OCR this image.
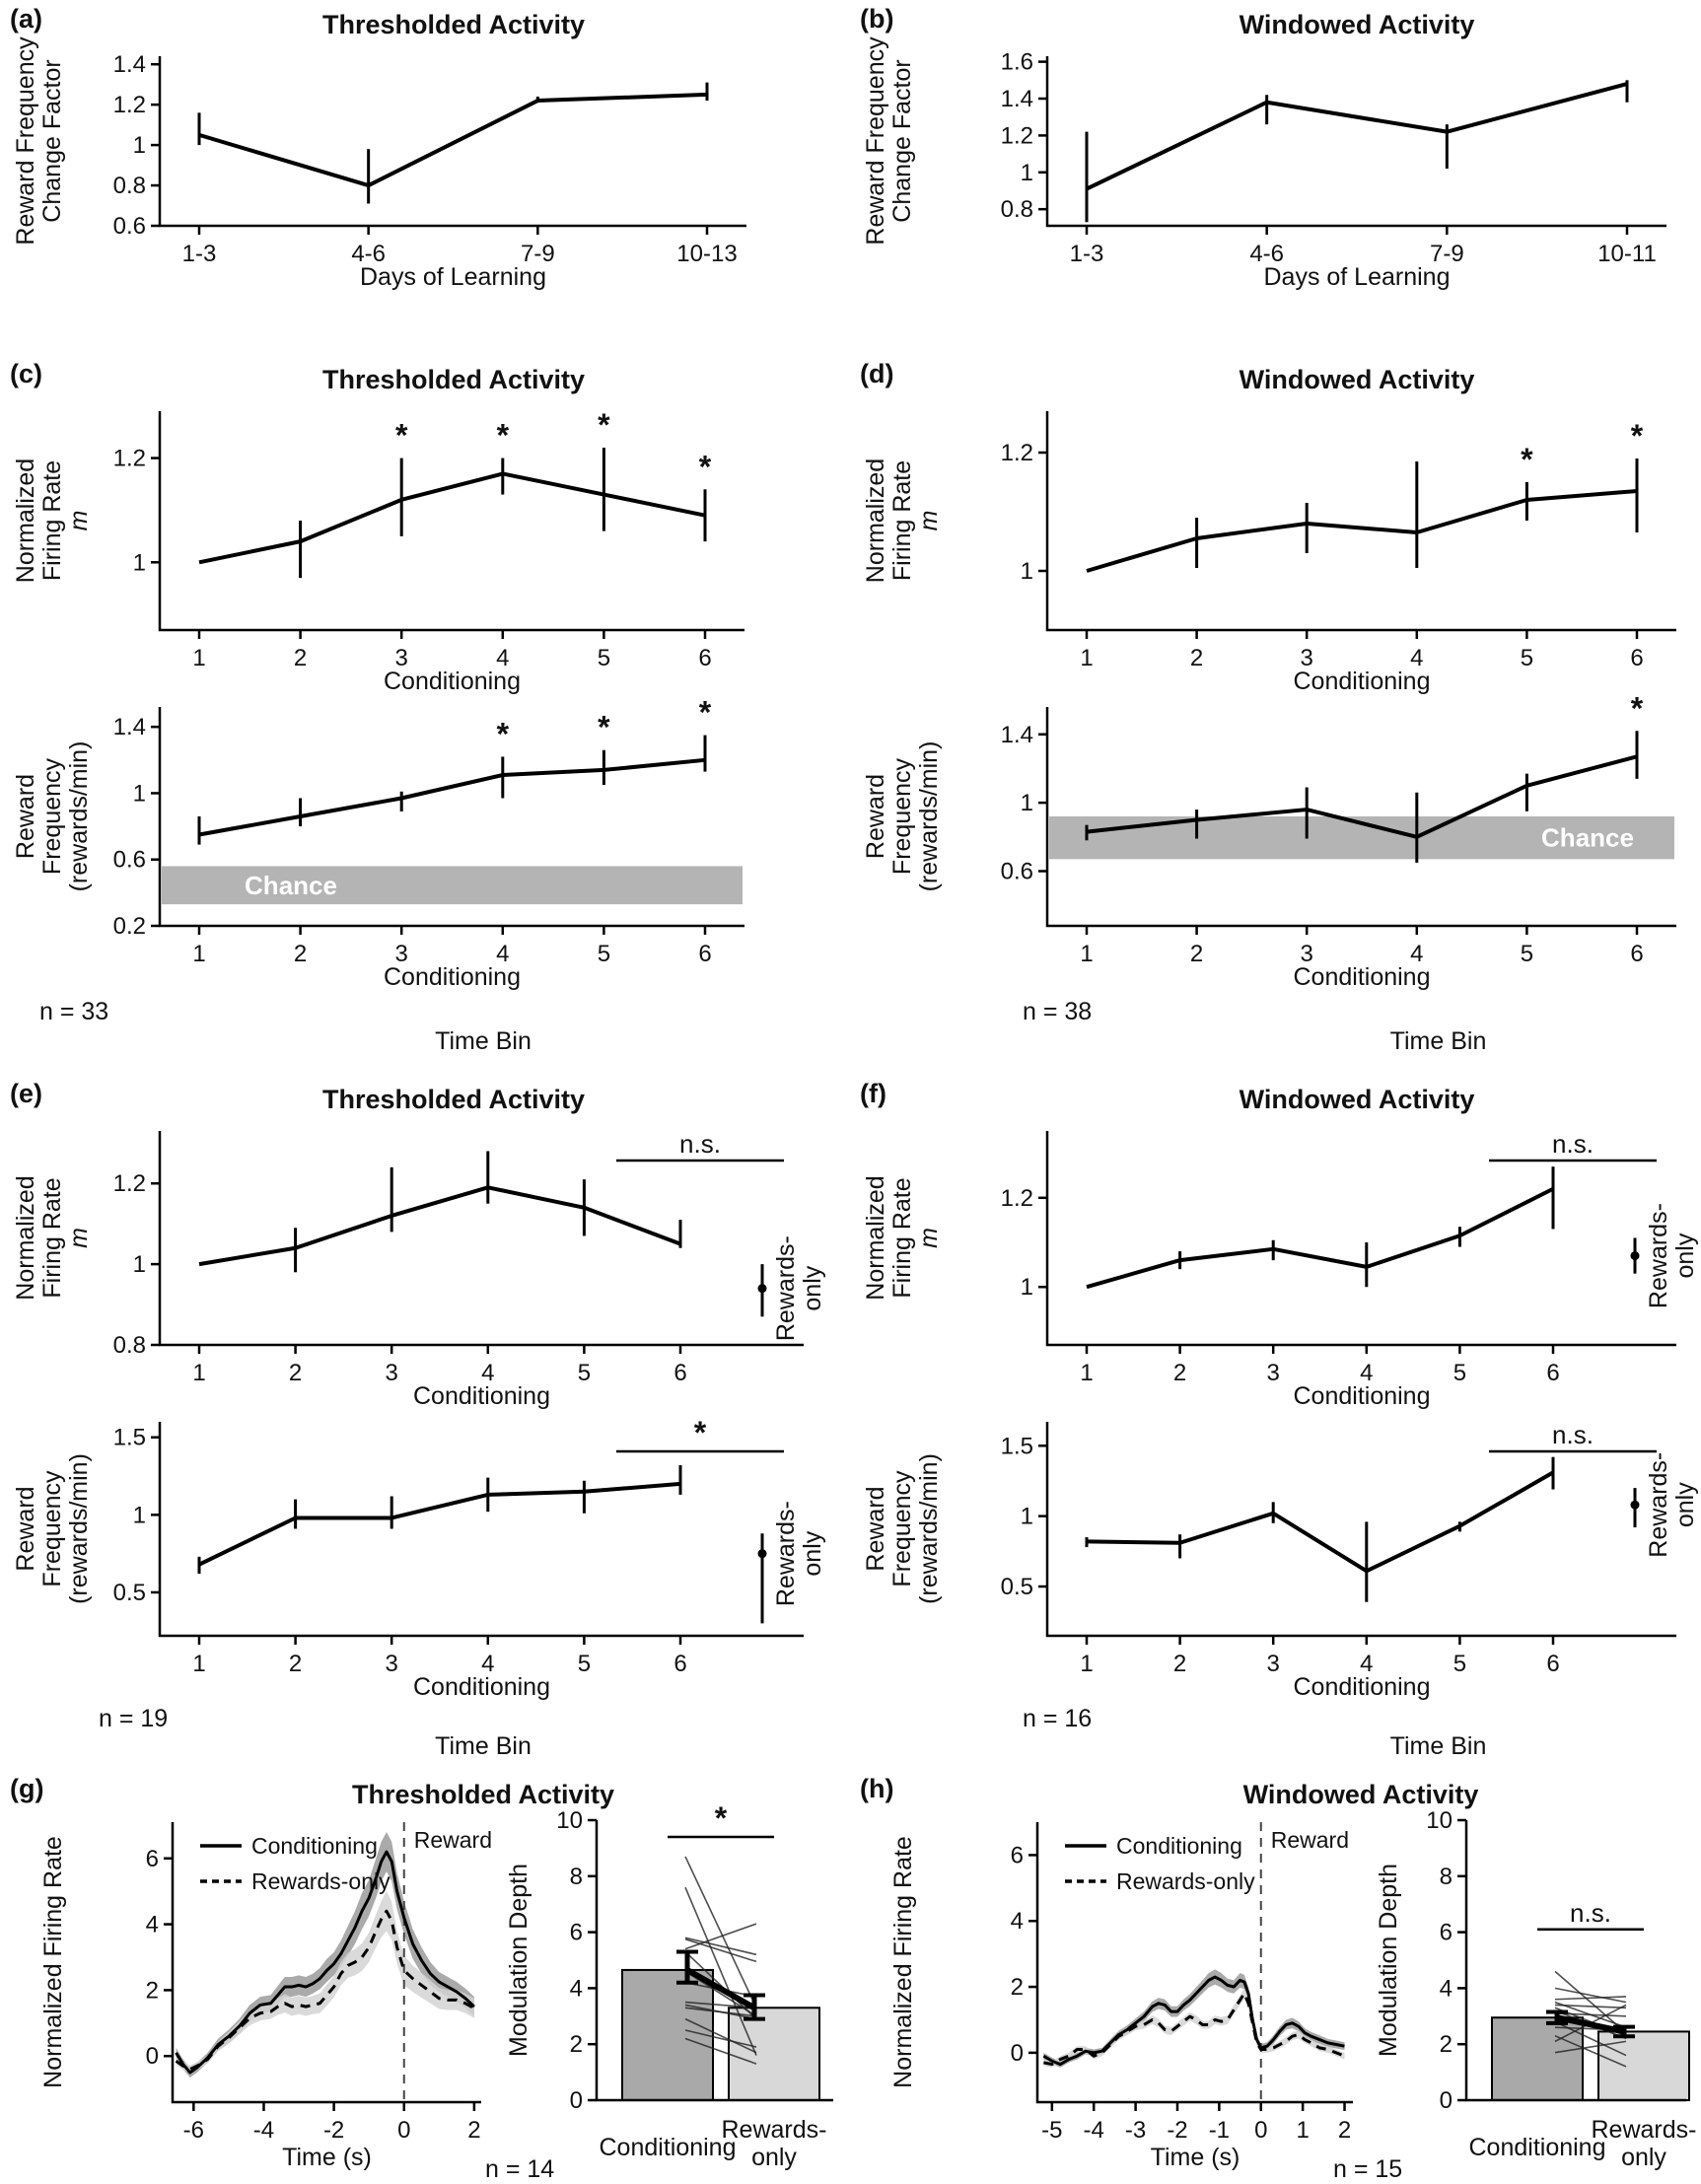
(a)	Thresholded Activity
0.6
0.8
1
1.2
1.4
1-3	4-6	7-9	10-13
Days of Learning
Reward Frequency Change Factor
(b)	Windowed Activity
0.8
1
1.2
1.4
1.6
1-3	4-6	7-9	10-11
Days of Learning
Reward Frequency Change Factor
(c)	Thresholded Activity
1
1.2
1	2	3	4	5	6
Conditioning
Normalized Firing Rate m
*	*	*
*
Chance
0.2
0.6
1
1.4
1	2	3	4	5	6
Conditioning
Reward Frequency (rewards/min)
*	*	*
n = 33
Time Bin
(d)	Windowed Activity
1
1.2
1	2	3	4	5	6
Conditioning
Normalized Firing Rate m
*
*
Chance
0.6
1
1.4
1	2	3	4	5	6
Conditioning
Reward Frequency (rewards/min)
*
n = 38
Time Bin
(e)	Thresholded Activity
0.8
1
1.2
1	2	3	4	5	6
Conditioning
Normalized Firing Rate m	Rewards- only
n.s.
0.5
1
1.5
1	2	3	4	5	6
Conditioning
Reward Frequency (rewards/min)	Rewards- only
*
n = 19
Time Bin
(f)	Windowed Activity
1
1.2
1	2	3	4	5	6
Conditioning
Normalized Firing Rate m	Rewards- only
n.s.
0.5
1
1.5
1	2	3	4	5	6
Conditioning
Reward Frequency (rewards/min)	Rewards- only
n.s.
n = 16
Time Bin
(g)	Thresholded Activity
Reward
0
2
4
6
-6 -4 -2 0 2
Time (s)
Normalized Firing Rate	Conditioning
Rewards-only
*
0
2
4
6
8
10
Conditioning
Rewards-
only
Modulation Depth
n = 14
(h)	Windowed Activity
Reward
0
2
4
6
-5 -4 -3 -2 -1 0 1 2
Time (s)
Normalized Firing Rate	Conditioning
Rewards-only
n.s.
0
2
4
6
8
10
Conditioning
Rewards-
only
Modulation Depth
n = 15
